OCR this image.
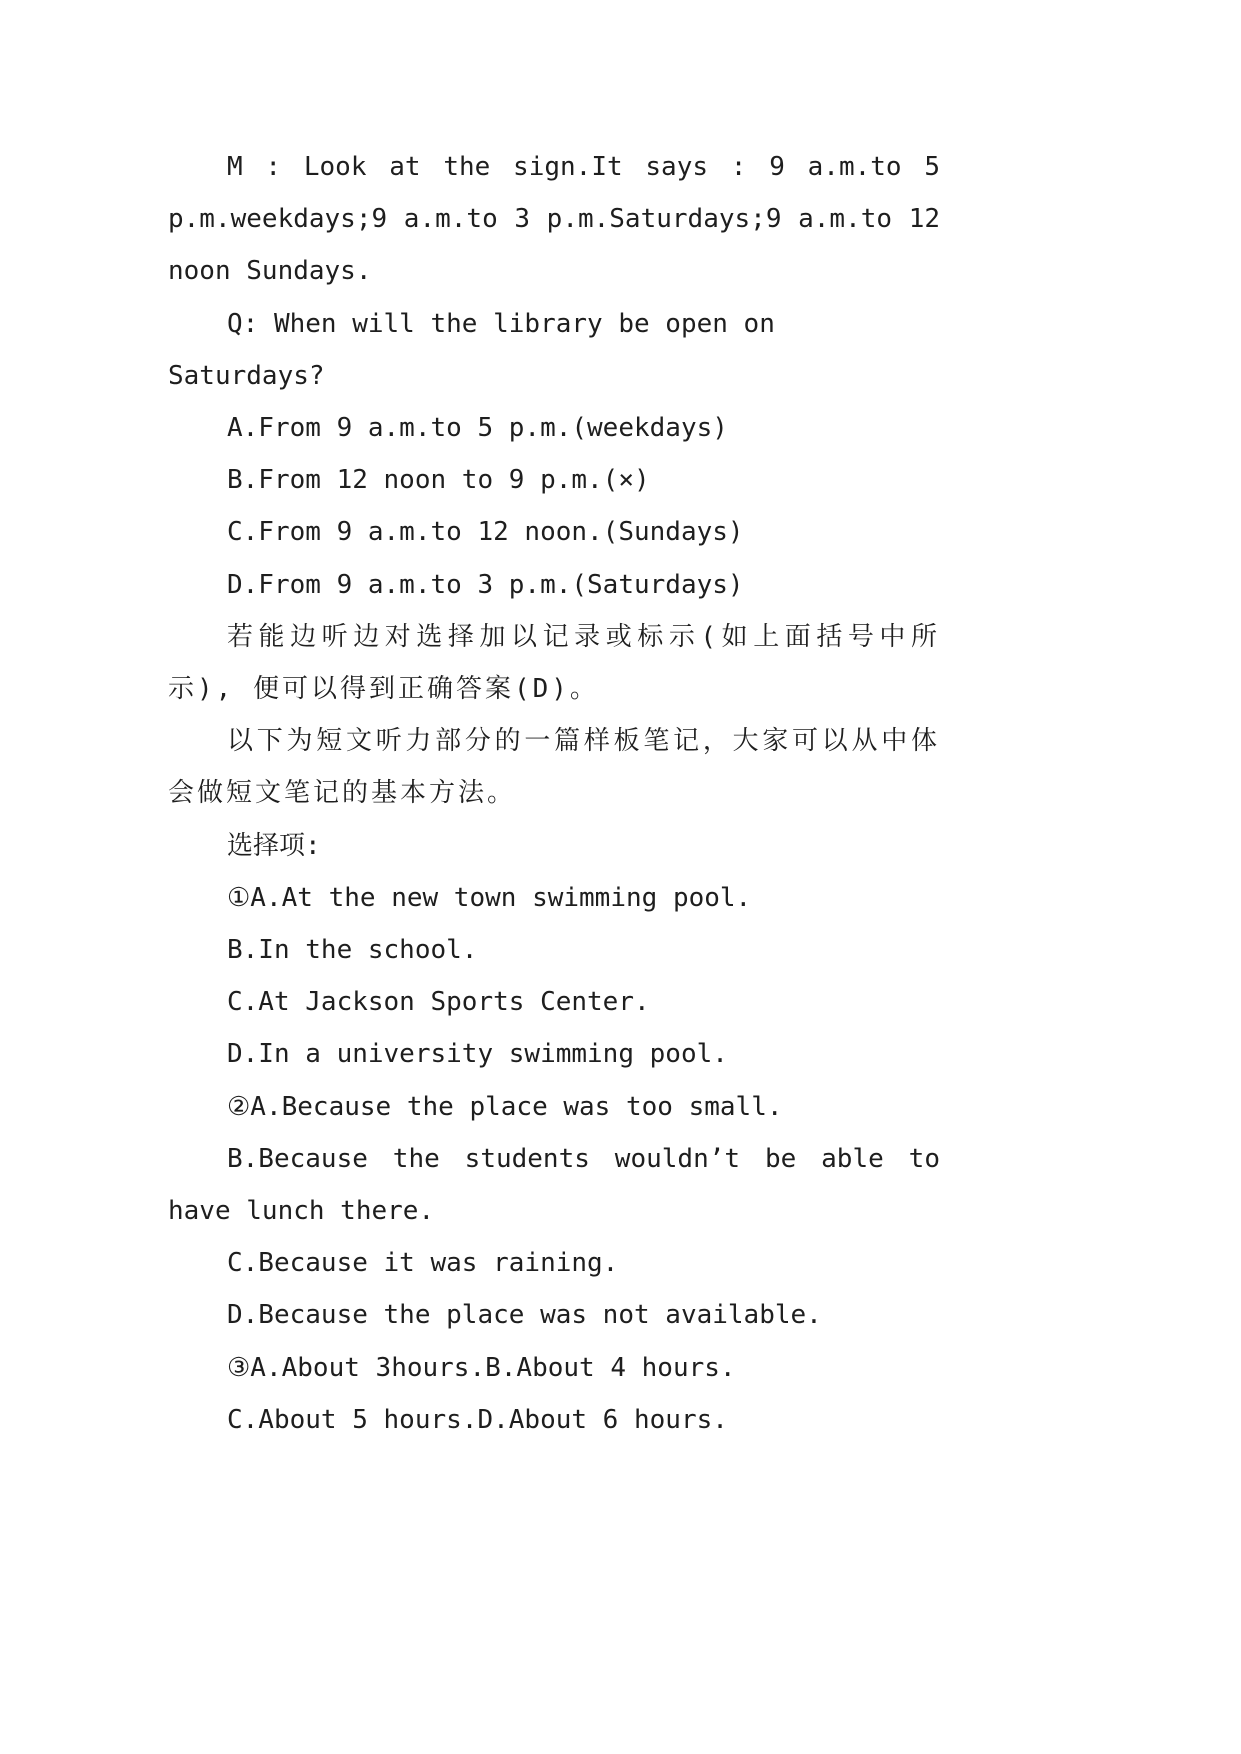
M : Look at the sign.It says : 9 a.m.to 5 p.m.weekdays;9 a.m.to 3 p.m.Saturdays;9 a.m.to 12 noon Sundays.

Q: When will the library be open on Saturdays?

A.From 9 a.m.to 5 p.m.(weekdays)

B.From 12 noon to 9 p.m.(×)

C.From 9 a.m.to 12 noon.(Sundays)

D.From 9 a.m.to 3 p.m.(Saturdays)

若能边听边对选择加以记录或标示(如上面括号中所示), 便可以得到正确答案(D)。

以下为短文听力部分的一篇样板笔记，大家可以从中体会做短文笔记的基本方法。

选择项:

①A.At the new town swimming pool.

B.In the school.

C.At Jackson Sports Center.

D.In a university swimming pool.

②A.Because the place was too small.

B.Because the students wouldn’t be able to have lunch there.

C.Because it was raining.

D.Because the place was not available.

③A.About 3hours.B.About 4 hours.

C.About 5 hours.D.About 6 hours.
